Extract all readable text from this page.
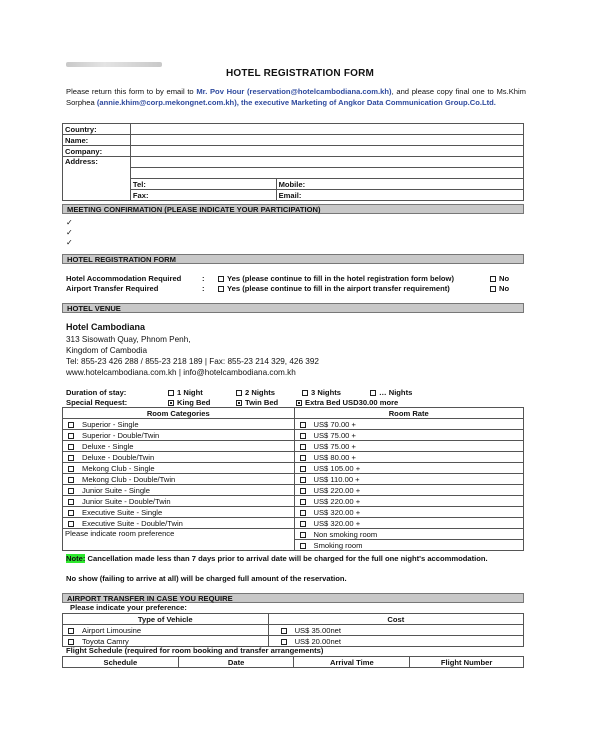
HOTEL REGISTRATION FORM
Please return this form to by email to Mr. Pov Hour (reservation@hotelcambodiana.com.kh), and please copy final one to Ms.Khim Sorphea (annie.khim@corp.mekongnet.com.kh), the executive Marketing of Angkor Data Communication Group.Co.Ltd.
Country:		
Name:		
Company:		
Address:		

	Tel:	Mobile:
	Fax:	Email:
MEETING CONFIRMATION (PLEASE INDICATE YOUR PARTICIPATION)
✓
✓
✓
HOTEL REGISTRATION FORM
Hotel Accommodation Required	:	Yes (please continue to fill in the hotel registration form below)	No
Airport Transfer Required	:	Yes (please continue to fill in the airport transfer requirement)	No
HOTEL VENUE
Hotel Cambodiana
313 Sisowath Quay, Phnom Penh,
Kingdom of Cambodia
Tel: 855-23 426 288 / 855-23 218 189 | Fax: 855-23 214 329, 426 392
www.hotelcambodiana.com.kh | info@hotelcambodiana.com.kh
Duration of stay:	1 Night	2 Nights	3 Nights	… Nights
Special Request:	King Bed	Twin Bed	Extra Bed USD30.00 more
Room Categories	Room Rate
Superior - Single	US$ 70.00 +
Superior - Double/Twin	US$ 75.00 +
Deluxe - Single	US$ 75.00 +
Deluxe - Double/Twin	US$ 80.00 +
Mekong Club - Single	US$ 105.00 +
Mekong Club - Double/Twin	US$ 110.00 +
Junior Suite - Single	US$ 220.00 +
Junior Suite - Double/Twin	US$ 220.00 +
Executive Suite - Single	US$ 320.00 +
Executive Suite - Double/Twin	US$ 320.00 +
Please indicate room preference	Non smoking room
	Smoking room
Note: Cancellation made less than 7 days prior to arrival date will be charged for the full one night's accommodation.
No show (failing to arrive at all) will be charged full amount of the reservation.
AIRPORT TRANSFER IN CASE YOU REQUIRE
Please indicate your preference:
Type of Vehicle	Cost
Airport Limousine	US$ 35.00net
Toyota Camry	US$ 20.00net
Flight Schedule (required for room booking and transfer arrangements)
Schedule	Date	Arrival Time	Flight Number
